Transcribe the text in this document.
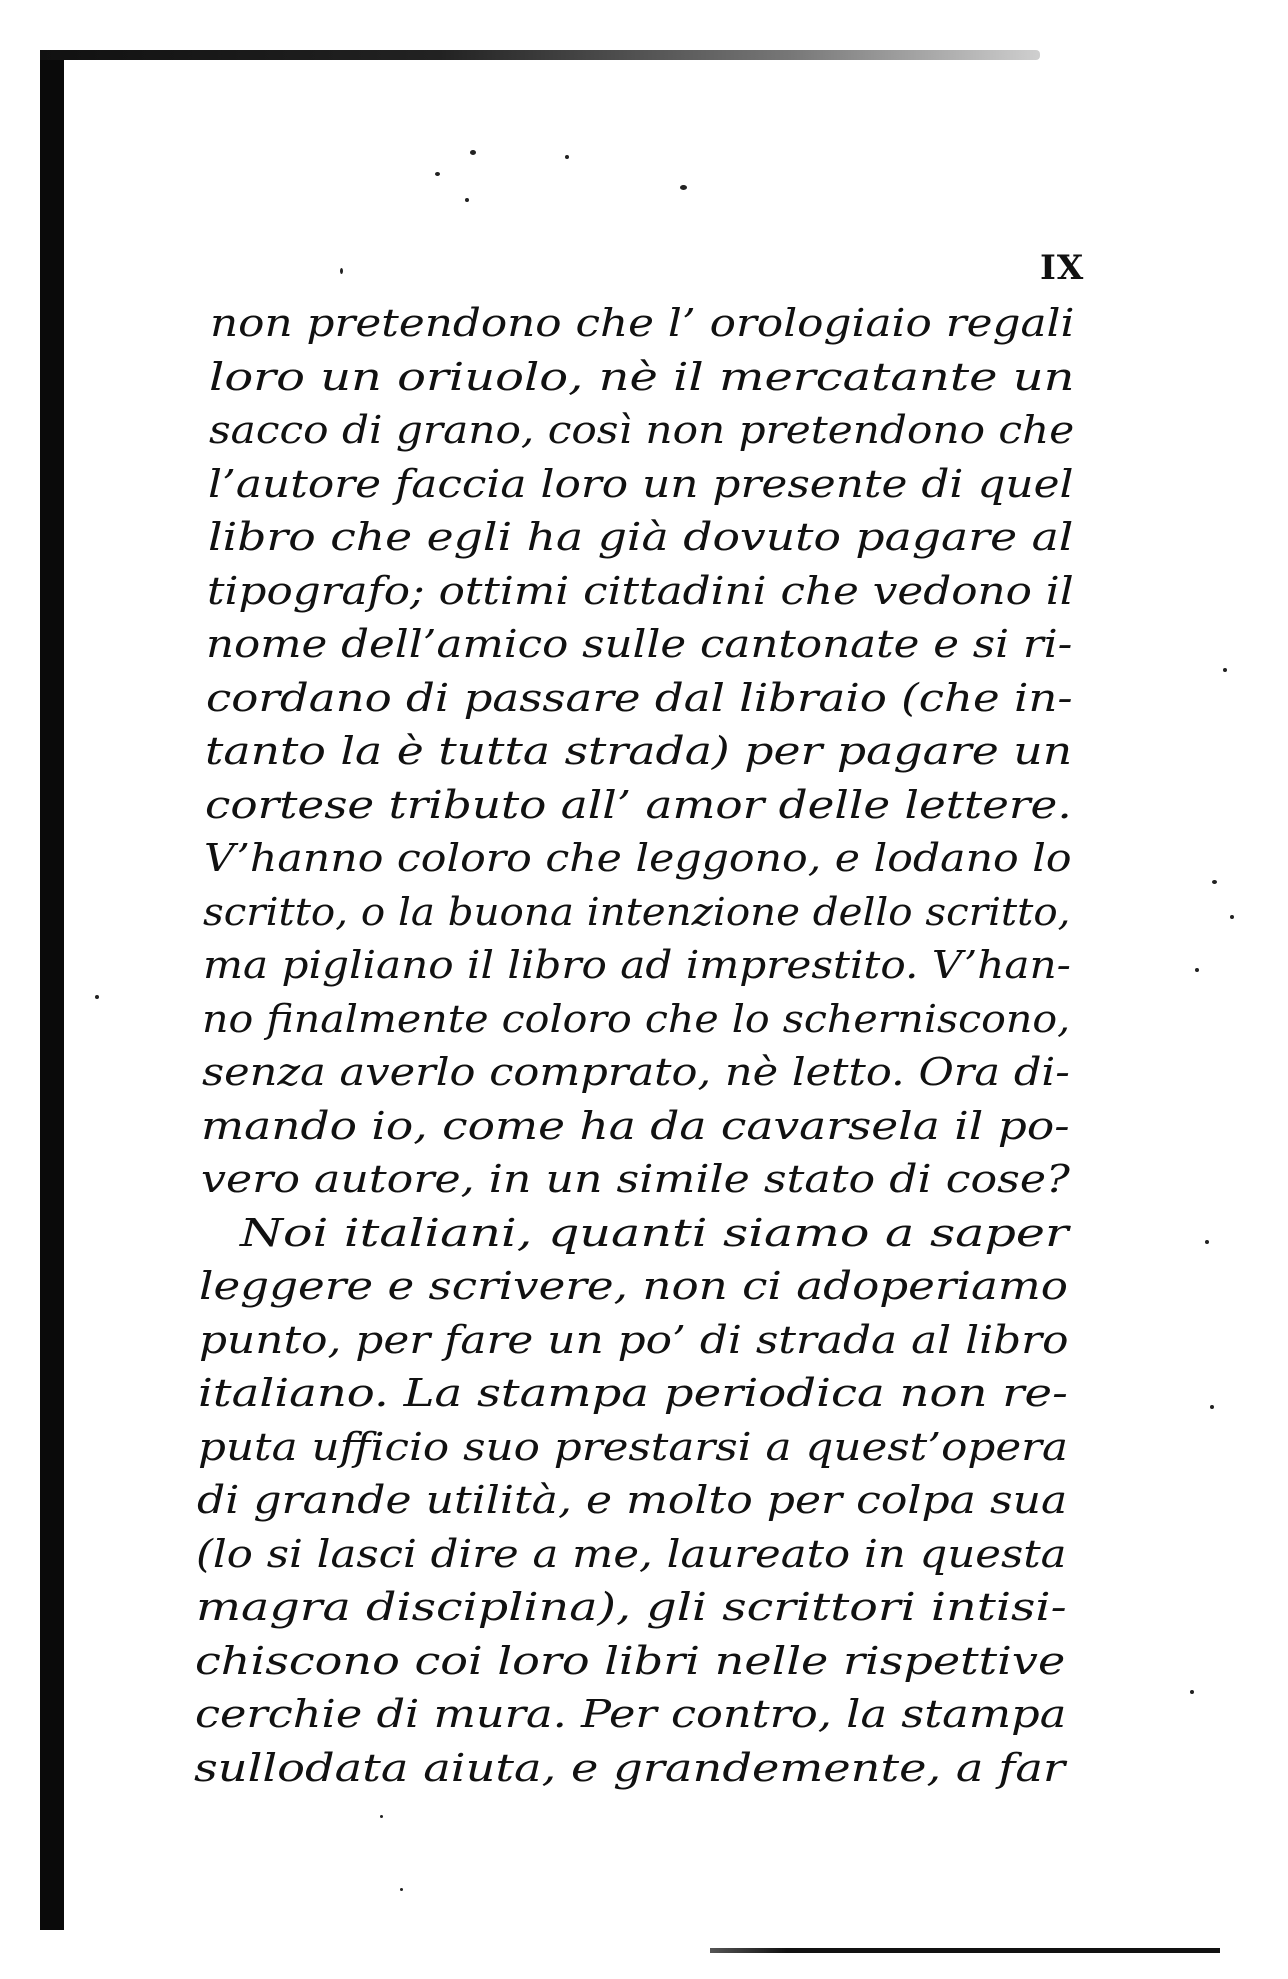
IX

non pretendono che l’ orologiaio regali
loro un oriuolo, nè il mercatante un
sacco di grano, così non pretendono che
l’autore faccia loro un presente di quel
libro che egli ha già dovuto pagare al
tipografo; ottimi cittadini che vedono il
nome dell’amico sulle cantonate e si ri-
cordano di passare dal libraio (che in-
tanto la è tutta strada) per pagare un
cortese tributo all’ amor delle lettere.
V’hanno coloro che leggono, e lodano lo
scritto, o la buona intenzione dello scritto,
ma pigliano il libro ad imprestito. V’han-
no finalmente coloro che lo scherniscono,
senza averlo comprato, nè letto. Ora di-
mando io, come ha da cavarsela il po-
vero autore, in un simile stato di cose?
Noi italiani, quanti siamo a saper
leggere e scrivere, non ci adoperiamo
punto, per fare un po’ di strada al libro
italiano. La stampa periodica non re-
puta ufficio suo prestarsi a quest’opera
di grande utilità, e molto per colpa sua
(lo si lasci dire a me, laureato in questa
magra disciplina), gli scrittori intisi-
chiscono coi loro libri nelle rispettive
cerchie di mura. Per contro, la stampa
sullodata aiuta, e grandemente, a far
